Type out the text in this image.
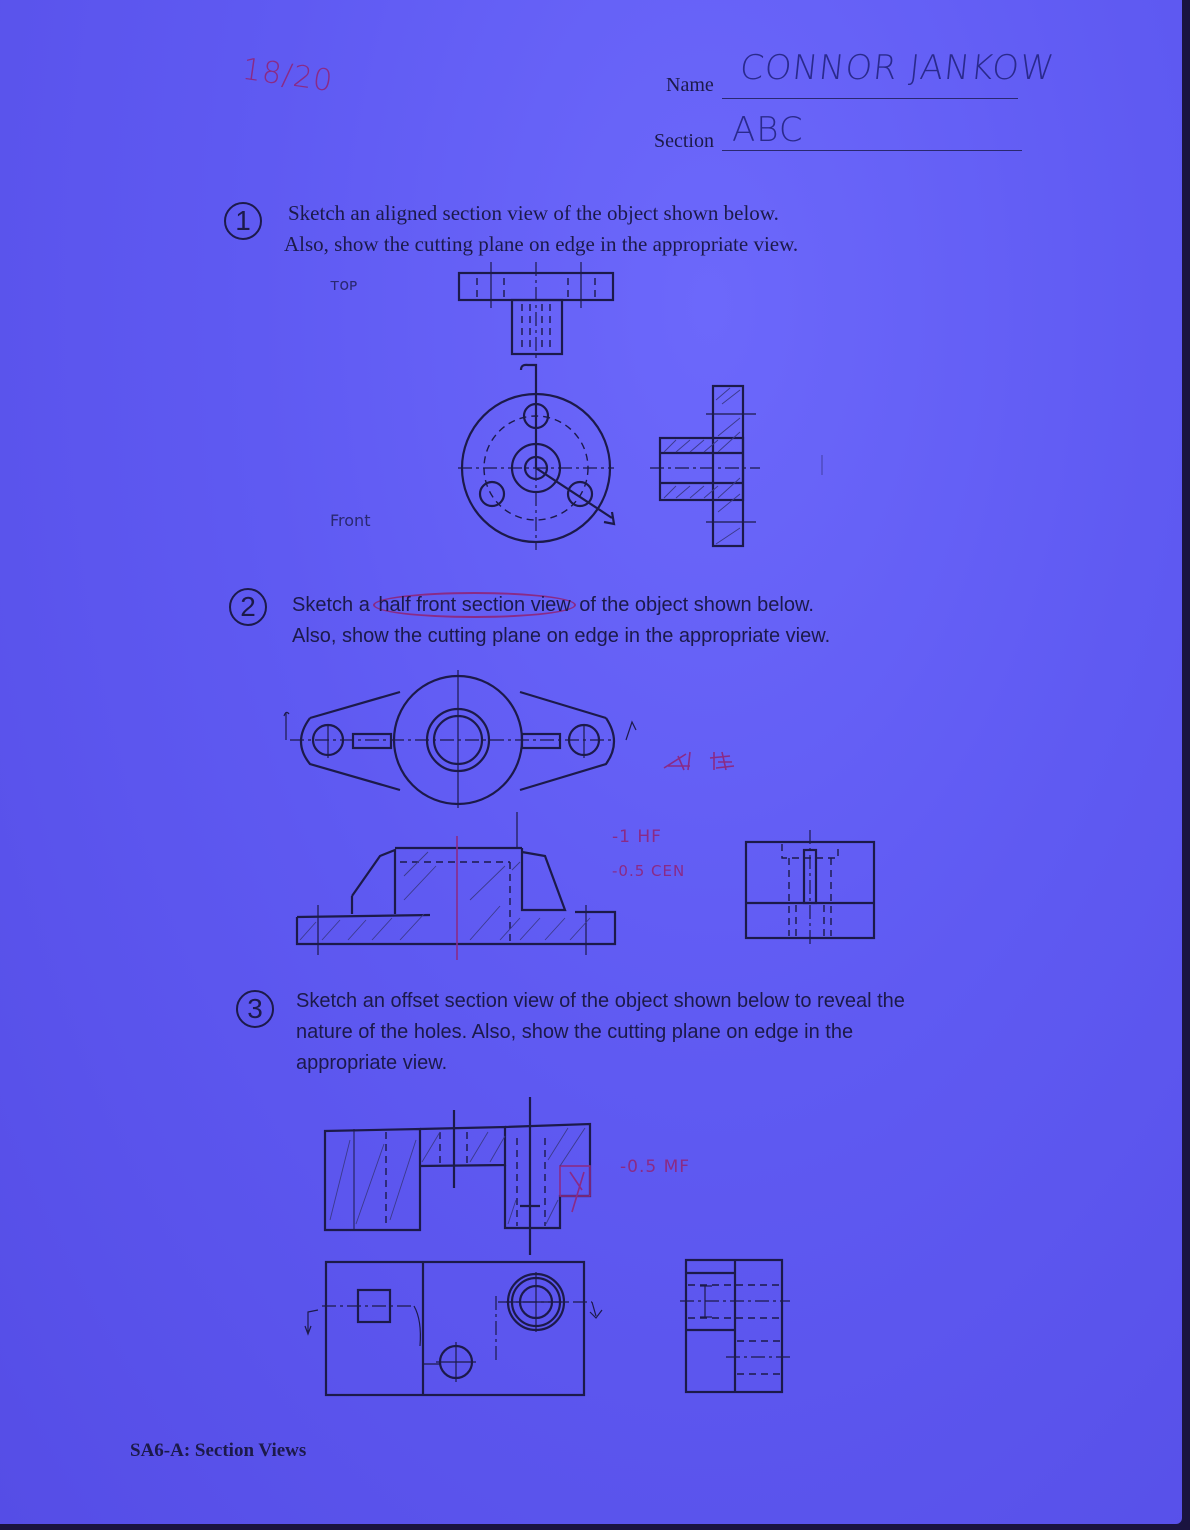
18/20	Name CONNOR JANKOW
Section ABC
1	Sketch an aligned section view of the object shown below.
Also, show the cutting plane on edge in the appropriate view.
ᴛᴏᴘ
Front
2	Sketch a half front section view of the object shown below.
Also, show the cutting plane on edge in the appropriate view.
-1 HF
-0.5 CEN
3	Sketch an offset section view of the object shown below to reveal the
nature of the holes. Also, show the cutting plane on edge in the
appropriate view.
-0.5 MF
SA6-A: Section Views
